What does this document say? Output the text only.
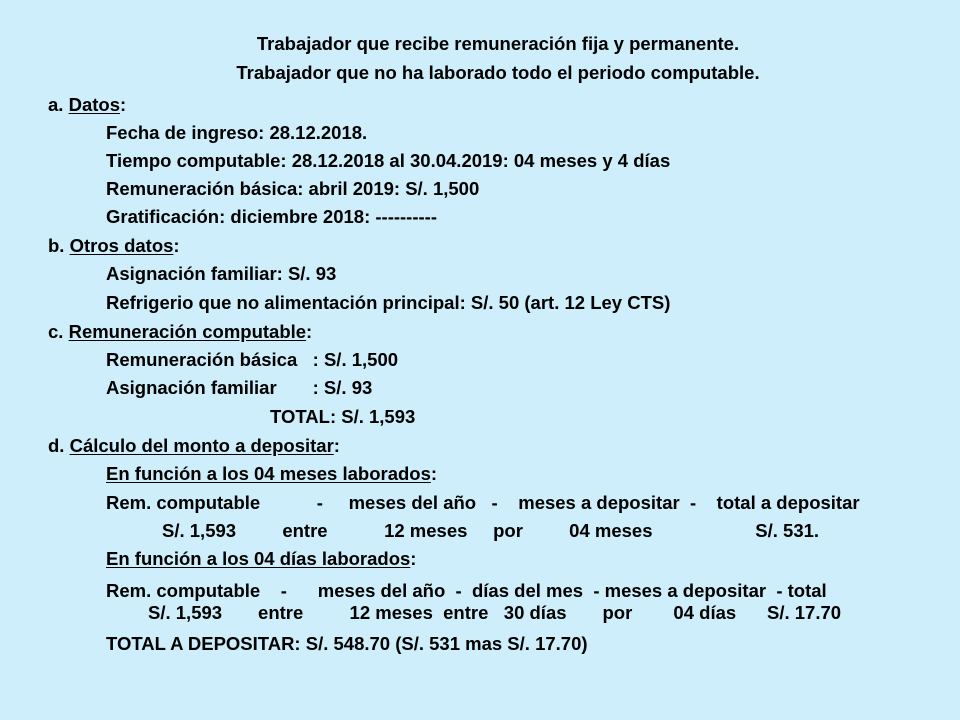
Trabajador que recibe remuneración fija y permanente.
Trabajador que no ha laborado todo el periodo computable.
a. Datos:
Fecha de ingreso: 28.12.2018.
Tiempo computable: 28.12.2018 al 30.04.2019: 04 meses y 4 días
Remuneración básica: abril 2019: S/. 1,500
Gratificación: diciembre 2018: ----------
b. Otros datos:
Asignación familiar: S/. 93
Refrigerio que no alimentación principal: S/. 50 (art. 12 Ley CTS)
c. Remuneración computable:
Remuneración básica   : S/. 1,500
Asignación familiar       : S/. 93
TOTAL: S/. 1,593
d. Cálculo del monto a depositar:
En función a los 04 meses laborados:
Rem. computable           -     meses del año   -    meses a depositar  -    total a depositar
S/. 1,593         entre           12 meses     por         04 meses                    S/. 531.
En función a los 04 días laborados:
Rem. computable    -      meses del año  -  días del mes  - meses a depositar  - total
S/. 1,593       entre         12 meses  entre   30 días       por        04 días      S/. 17.70
TOTAL A DEPOSITAR: S/. 548.70 (S/. 531 mas S/. 17.70)
